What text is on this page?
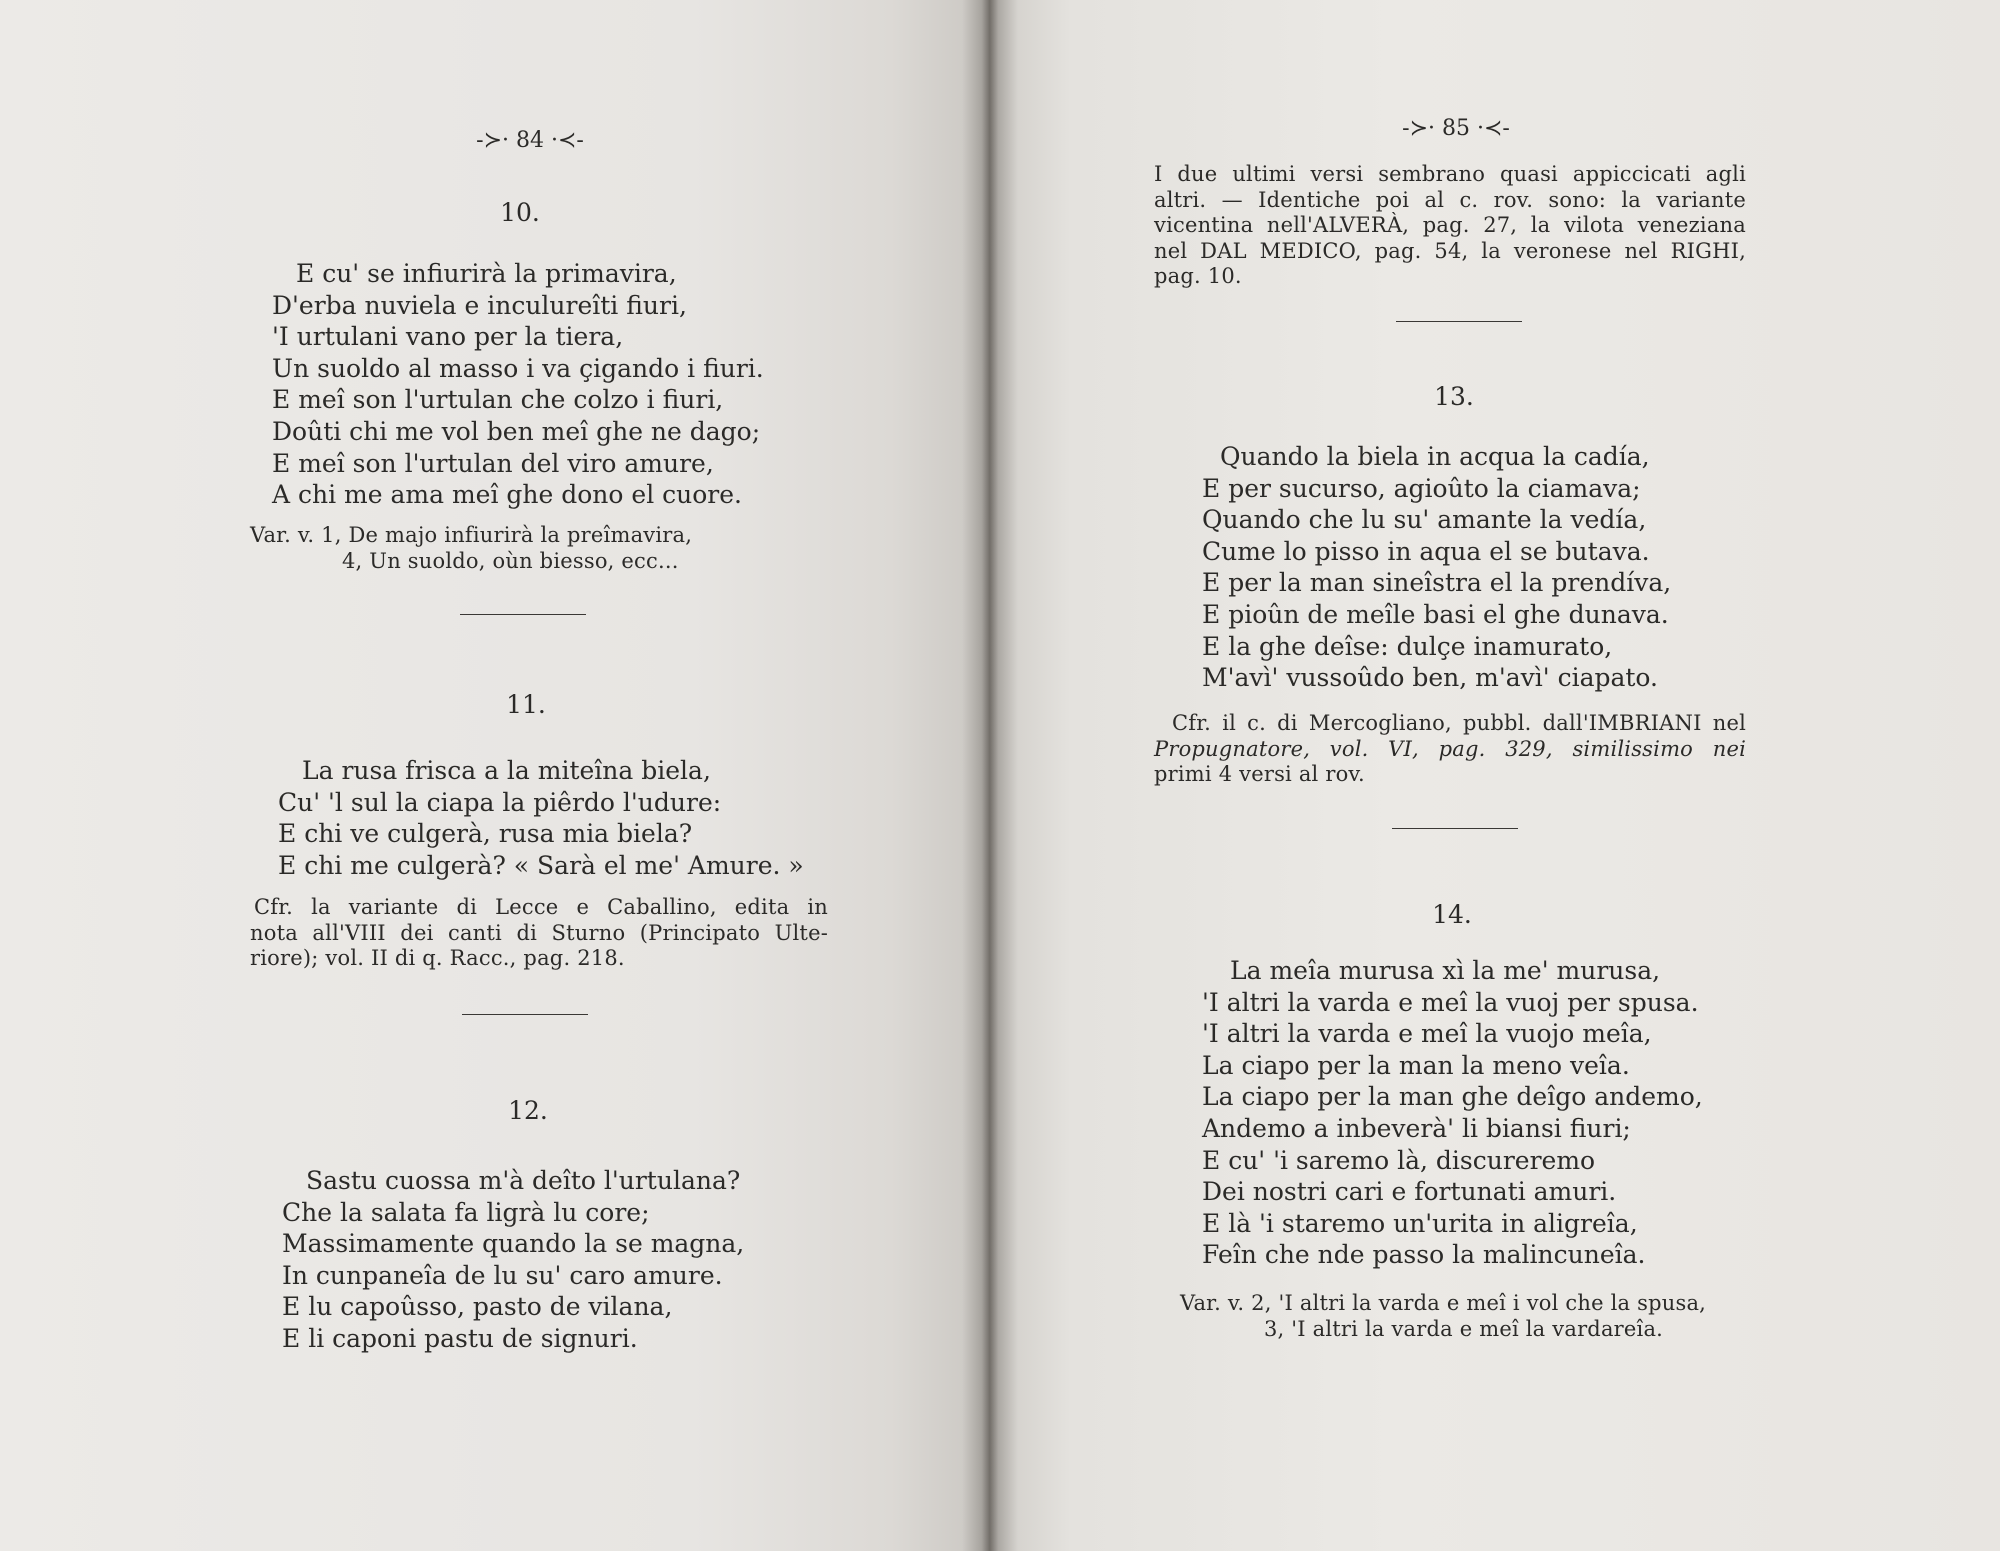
-≻· 84 ·≺-
10.
E cu' se infiurirà la primavira,
D'erba nuviela e inculureîti fiuri,
'I urtulani vano per la tiera,
Un suoldo al masso i va çigando i fiuri.
E meî son l'urtulan che colzo i fiuri,
Doûti chi me vol ben meî ghe ne dago;
E meî son l'urtulan del viro amure,
A chi me ama meî ghe dono el cuore.
Var. v. 1, De majo infiurirà la preîmavira,
4, Un suoldo, oùn biesso, ecc...
11.
La rusa frisca a la miteîna biela,
Cu' 'l sul la ciapa la piêrdo l'udure:
E chi ve culgerà, rusa mia biela?
E chi me culgerà? « Sarà el me' Amure. »
Cfr. la variante di Lecce e Caballino, edita in
nota all'VIII dei canti di Sturno (Principato Ulte-
riore); vol. II di q. Racc., pag. 218.
12.
Sastu cuossa m'à deîto l'urtulana?
Che la salata fa ligrà lu core;
Massimamente quando la se magna,
In cunpaneîa de lu su' caro amure.
E lu capoûsso, pasto de vilana,
E li caponi pastu de signuri.
-≻· 85 ·≺-
I due ultimi versi sembrano quasi appiccicati agli
altri. — Identiche poi al c. rov. sono: la variante
vicentina nell'ALVERÀ, pag. 27, la vilota veneziana
nel DAL MEDICO, pag. 54, la veronese nel RIGHI,
pag. 10.
13.
Quando la biela in acqua la cadía,
E per sucurso, agioûto la ciamava;
Quando che lu su' amante la vedía,
Cume lo pisso in aqua el se butava.
E per la man sineîstra el la prendíva,
E pioûn de meîle basi el ghe dunava.
E la ghe deîse: dulçe inamurato,
M'avì' vussoûdo ben, m'avì' ciapato.
Cfr. il c. di Mercogliano, pubbl. dall'IMBRIANI nel
Propugnatore, vol. VI, pag. 329, similissimo nei
primi 4 versi al rov.
14.
La meîa murusa xì la me' murusa,
'I altri la varda e meî la vuoj per spusa.
'I altri la varda e meî la vuojo meîa,
La ciapo per la man la meno veîa.
La ciapo per la man ghe deîgo andemo,
Andemo a inbeverà' li biansi fiuri;
E cu' 'i saremo là, discureremo
Dei nostri cari e fortunati amuri.
E là 'i staremo un'urita in aligreîa,
Feîn che nde passo la malincuneîa.
Var. v. 2, 'I altri la varda e meî i vol che la spusa,
3, 'I altri la varda e meî la vardareîa.
